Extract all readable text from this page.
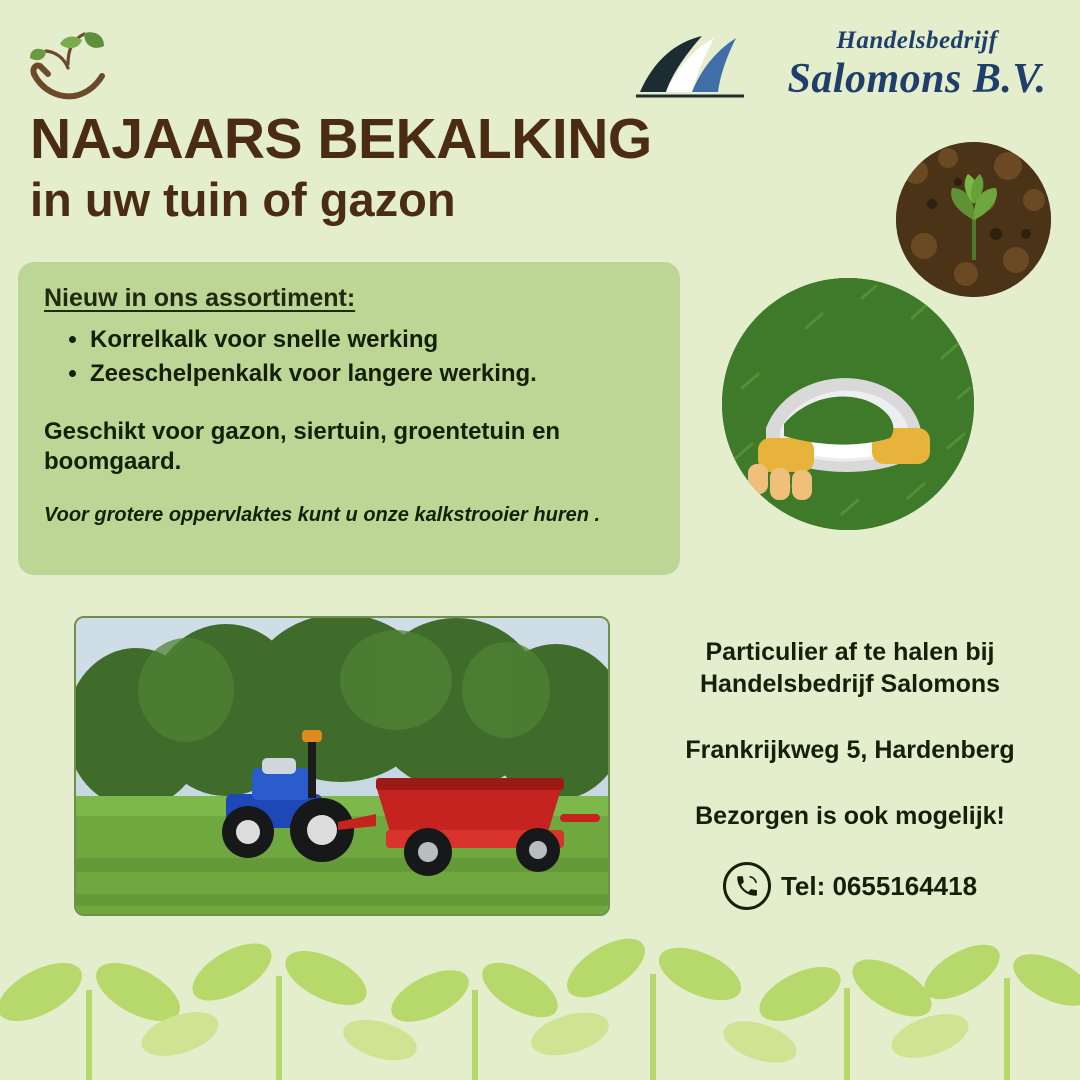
Handelsbedrijf
Salomons B.V.
NAJAARS BEKALKING
in uw tuin of gazon
Nieuw in ons assortiment:
• Korrelkalk voor snelle werking
• Zeeschelpenkalk voor langere werking.
Geschikt voor gazon, siertuin, groentetuin en boomgaard.
Voor grotere oppervlaktes kunt u onze kalkstrooier huren .
Particulier af te halen bij
Handelsbedrijf Salomons
Frankrijkweg 5, Hardenberg
Bezorgen is ook mogelijk!
Tel: 0655164418
